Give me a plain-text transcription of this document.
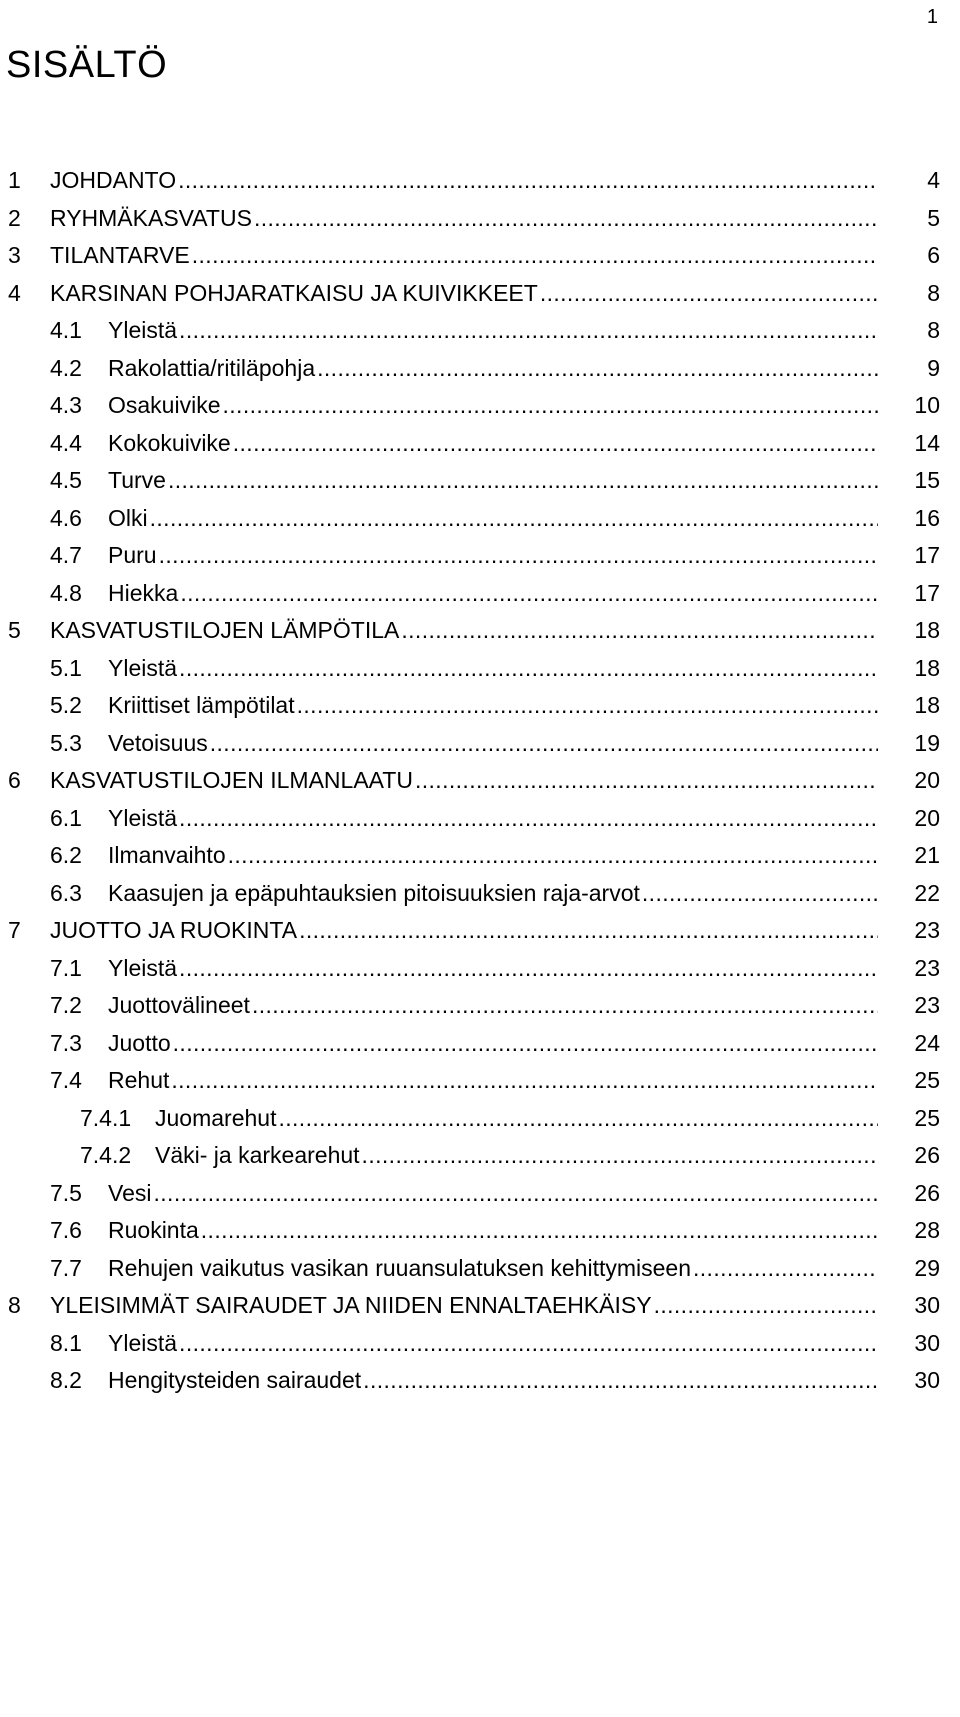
1
SISÄLTÖ
1 JOHDANTO . . .	4
2 RYHMÄKASVATUS . . .	5
3 TILANTARVE . . .	6
4 KARSINAN POHJARATKAISU JA KUIVIKKEET . . .	8
4.1 Yleistä . . .	8
4.2 Rakolattia/ritiläpohja . . .	9
4.3 Osakuivike . . .	10
4.4 Kokokuivike . . .	14
4.5 Turve . . .	15
4.6 Olki . . .	16
4.7 Puru . . .	17
4.8 Hiekka . . .	17
5 KASVATUSTILOJEN LÄMPÖTILA . . .	18
5.1 Yleistä . . .	18
5.2 Kriittiset lämpötilat . . .	18
5.3 Vetoisuus . . .	19
6 KASVATUSTILOJEN ILMANLAATU . . .	20
6.1 Yleistä . . .	20
6.2 Ilmanvaihto . . .	21
6.3 Kaasujen ja epäpuhtauksien pitoisuuksien raja-arvot . . .	22
7 JUOTTO JA RUOKINTA . . .	23
7.1 Yleistä . . .	23
7.2 Juottovälineet . . .	23
7.3 Juotto . . .	24
7.4 Rehut . . .	25
7.4.1 Juomarehut . . .	25
7.4.2 Väki- ja karkearehut . . .	26
7.5 Vesi . . .	26
7.6 Ruokinta . . .	28
7.7 Rehujen vaikutus vasikan ruuansulatuksen kehittymiseen . . .	29
8 YLEISIMMÄT SAIRAUDET JA NIIDEN ENNALTAEHKÄISY . . .	30
8.1 Yleistä . . .	30
8.2 Hengitysteiden sairaudet . . .	30
